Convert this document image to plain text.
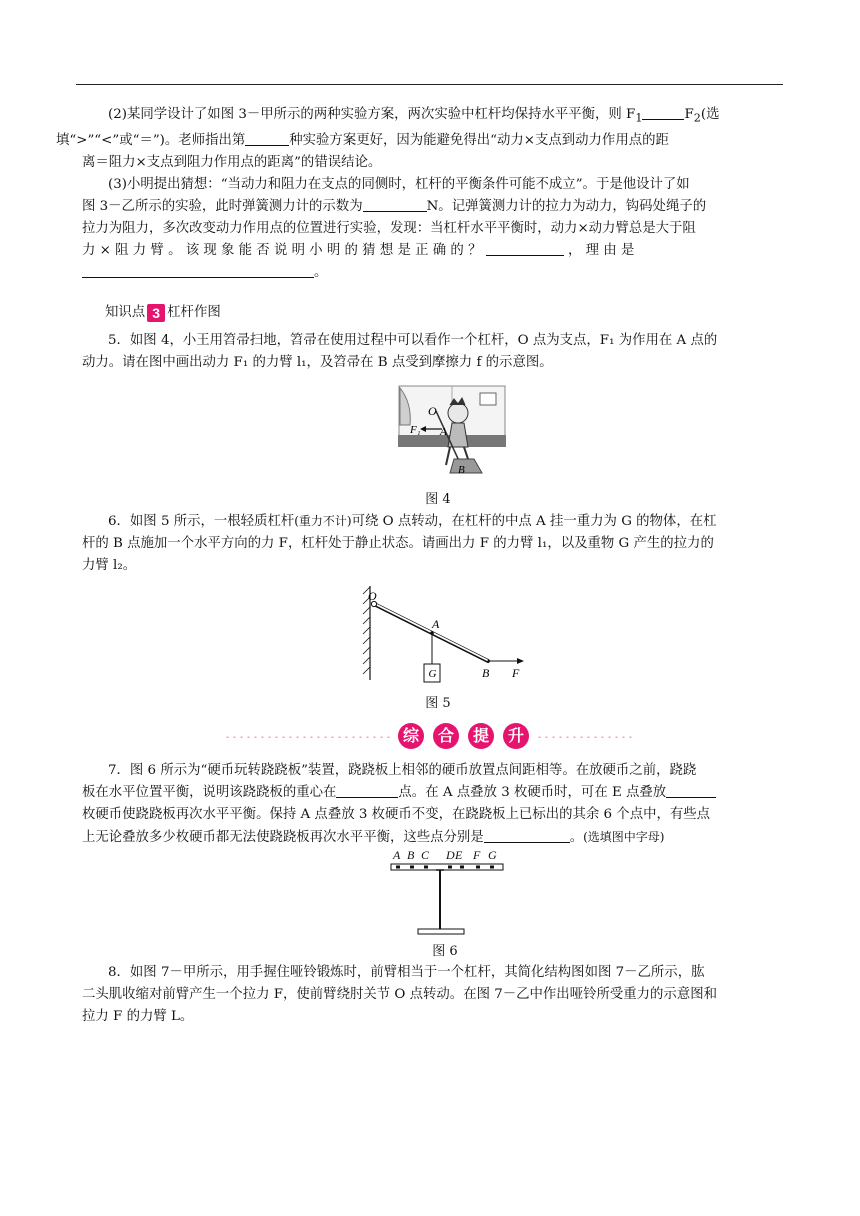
(2)某同学设计了如图 3－甲所示的两种实验方案，两次实验中杠杆均保持水平平衡，则 $F_1$	$F_2$(选
填“>”“<”或“＝”)。老师指出第	种实验方案更好，因为能避免得出“动力×支点到动力作用点的距
离＝阻力×支点到阻力作用点的距离”的错误结论。
(3)小明提出猜想：“当动力和阻力在支点的同侧时，杠杆的平衡条件可能不成立”。于是他设计了如
图 3－乙所示的实验，此时弹簧测力计的示数为	N。记弹簧测力计的拉力为动力，钩码处绳子的
拉力为阻力，多次改变动力作用点的位置进行实验，发现：当杠杆水平平衡时，动力×动力臂总是大于阻
力 × 阻 力 臂 。 该 现 象 能 否 说 明 小 明 的 猜 想 是 正 确 的 ？	， 理 由 是
。
知识点 3 杠杆作图
5．如图 4，小王用笤帚扫地，笤帚在使用过程中可以看作一个杠杆，O 点为支点，F₁ 为作用在 A 点的
动力。请在图中画出动力 F₁ 的力臂 l₁，及笤帚在 B 点受到摩擦力 f 的示意图。
O
A
F₁
B
图 4
6．如图 5 所示，一根轻质杠杆(重力不计)可绕 O 点转动，在杠杆的中点 A 挂一重力为 G 的物体，在杠
杆的 B 点施加一个水平方向的力 F，杠杆处于静止状态。请画出力 F 的力臂 l₁，以及重物 G 产生的拉力的
力臂 l₂。
G
O
A
B F
图 5
综	合	提	升
7．图 6 所示为“硬币玩转跷跷板”装置，跷跷板上相邻的硬币放置点间距相等。在放硬币之前，跷跷
板在水平位置平衡，说明该跷跷板的重心在	点。在 A 点叠放 3 枚硬币时，可在 E 点叠放
枚硬币使跷跷板再次水平平衡。保持 A 点叠放 3 枚硬币不变，在跷跷板上已标出的其余 6 个点中，有些点
上无论叠放多少枚硬币都无法使跷跷板再次水平平衡，这些点分别是	。(选填图中字母)
A B C D E F G
图 6
8．如图 7－甲所示，用手握住哑铃锻炼时，前臂相当于一个杠杆，其简化结构图如图 7－乙所示，肱
二头肌收缩对前臂产生一个拉力 F，使前臂绕肘关节 O 点转动。在图 7－乙中作出哑铃所受重力的示意图和
拉力 F 的力臂 L。
